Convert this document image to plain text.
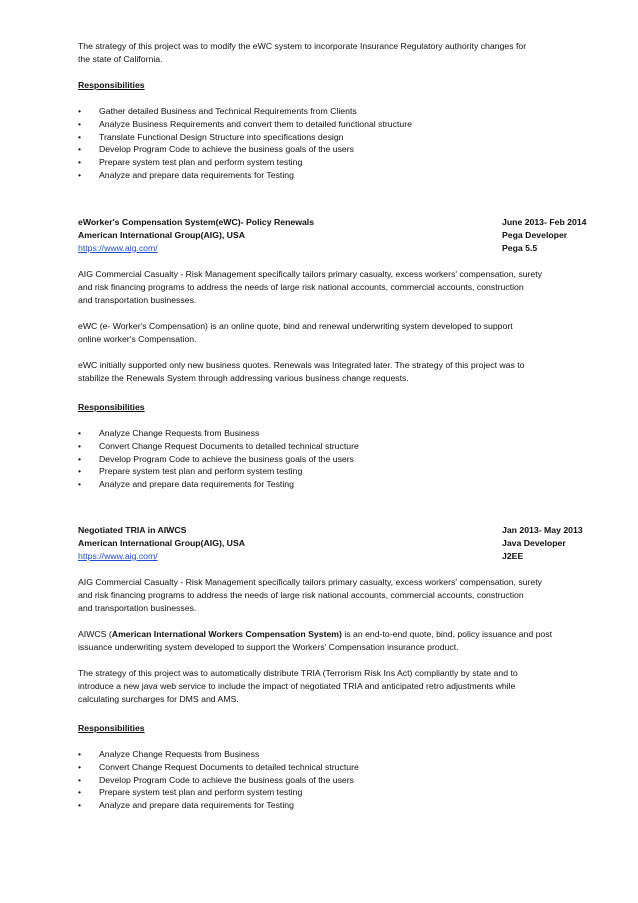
The strategy of this project was to modify the eWC system to incorporate Insurance Regulatory authority changes for

the state of California.

Responsibilities

•	Gather detailed Business and Technical Requirements from Clients
•	Analyze Business Requirements and convert them to detailed functional structure
•	Translate Functional Design Structure into specifications design
•	Develop Program Code to achieve the business goals of the users
•	Prepare system test plan and perform system testing
•	Analyze and prepare data requirements for Testing
eWorker's Compensation System(eWC)- Policy Renewals	June 2013- Feb 2014
American International Group(AIG), USA	Pega Developer
https://www.aig.com/	Pega 5.5

AIG Commercial Casualty - Risk Management specifically tailors primary casualty, excess workers' compensation, surety

and risk financing programs to address the needs of large risk national accounts, commercial accounts, construction

and transportation businesses.

eWC (e- Worker's Compensation) is an online quote, bind and renewal underwriting system developed to support

online worker's Compensation.

eWC initially supported only new business quotes. Renewals was Integrated later. The strategy of this project was to

stabilize the Renewals System through addressing various business change requests.

Responsibilities

•	Analyze Change Requests from Business
•	Convert Change Request Documents to detailed technical structure
•	Develop Program Code to achieve the business goals of the users
•	Prepare system test plan and perform system testing
•	Analyze and prepare data requirements for Testing
Negotiated TRIA in AIWCS	Jan 2013- May 2013
American International Group(AIG), USA	Java Developer
https://www.aig.com/	J2EE

AIG Commercial Casualty - Risk Management specifically tailors primary casualty, excess workers' compensation, surety

and risk financing programs to address the needs of large risk national accounts, commercial accounts, construction

and transportation businesses.

AIWCS (American International Workers Compensation System) is an end-to-end quote, bind, policy issuance and post

issuance underwriting system developed to support the Workers' Compensation insurance product.

The strategy of this project was to automatically distribute TRIA (Terrorism Risk Ins Act) compliantly by state and to

introduce a new java web service to include the impact of negotiated TRIA and anticipated retro adjustments while

calculating surcharges for DMS and AMS.

Responsibilities

•	Analyze Change Requests from Business
•	Convert Change Request Documents to detailed technical structure
•	Develop Program Code to achieve the business goals of the users
•	Prepare system test plan and perform system testing
•	Analyze and prepare data requirements for Testing
